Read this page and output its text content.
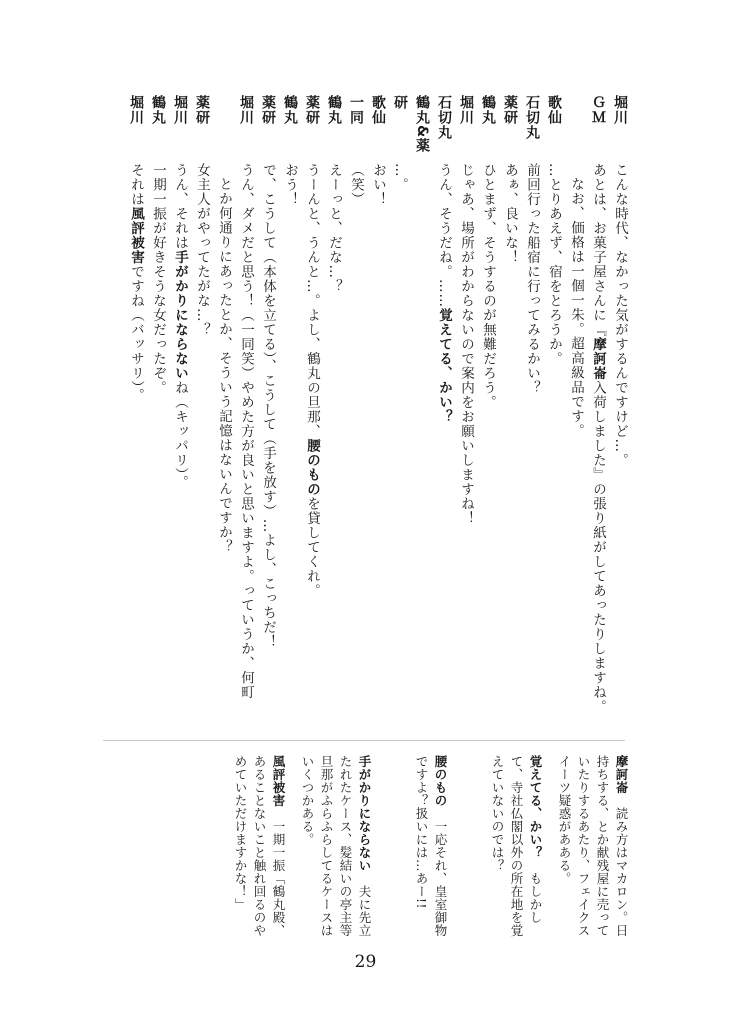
堀川こんな時代、なかった気がするんですけど…。
ＧＭあとは、お菓子屋さんに『摩訶崙入荷しました』の張り紙がしてあったりしますね。
なお、価格は一個一朱。超高級品です。
歌仙…とりあえず、宿をとろうか。
石切丸前回行った船宿に行ってみるかい？
薬研あぁ、良いな！
鶴丸ひとまず、そうするのが無難だろう。
堀川じゃあ、場所がわからないので案内をお願いしますね！
石切丸うん、そうだね。……覚えてる、かい？
鶴丸&薬研…。
歌仙おい！
一同（笑）
鶴丸えーっと、だな…？
薬研うーんと、うんと…。よし、鶴丸の旦那、腰のものを貸してくれ。
鶴丸おう！
薬研で、こうして（本体を立てる）、こうして（手を放す）…よし、こっちだ！
堀川うん、ダメだと思う！（一同笑）やめた方が良いと思いますよ。っていうか、何町
とか何通りにあったとか、そういう記憶はないんですか？
薬研女主人がやってたがな…？
堀川うん、それは手がかりにならないね（キッパリ）。
鶴丸一期一振が好きそうな女だったぞ。
堀川それは風評被害ですね（バッサリ）。
摩訶崙　読み方はマカロン。日持ちする、とか献残屋に売っていたりするあたり、フェイクスイーツ疑惑があある。
覚えてる、かい？　もしかして、寺社仏閣以外の所在地を覚えていないのでは？
腰のもの　一応それ、皇室御物ですよ？扱いには…あー!!
手がかりにならない　夫に先立たれたケース、髪結いの亭主等旦那がふらふらしてるケースはいくつかある。
風評被害　一期一振「鶴丸殿、あることないこと触れ回るのやめていただけますかな！」
29
